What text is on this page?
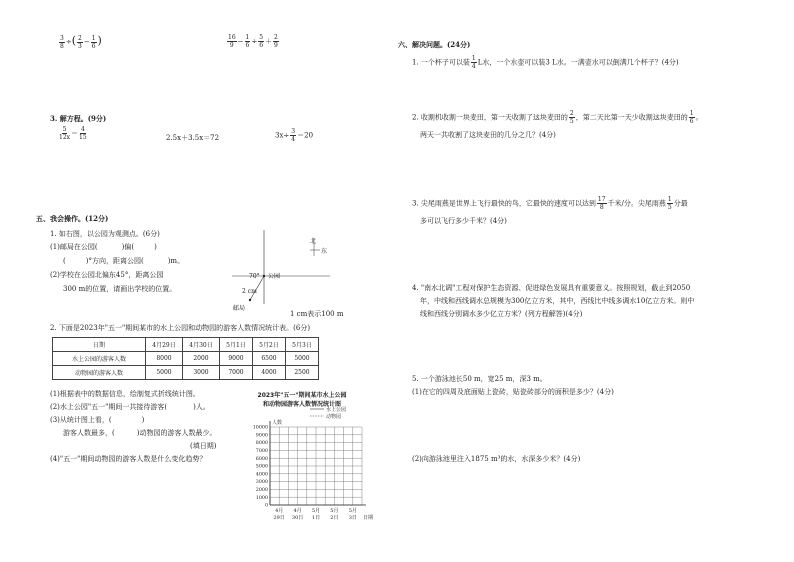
$\frac{3}{8}$ ÷( $\frac{2}{3} - \frac{1}{6}$ )	$\frac{16}{9} - \frac{1}{6} \div \frac{5}{6} + \frac{2}{9}$
3. 解方程。(9分)
$\frac{5}{12x} = \frac{4}{15}$	2.5x＋3.5x＝72	$3x\div \frac{3}{4} =20$
五、我会操作。(12分)
1. 如右图，以公园为观测点。(6分)
(1)邮局在公园(	)偏(	)
(	)°方向，距离公园(	)m。
(2)学校在公园北偏东45°，距离公园
300 m的位置，请画出学校的位置。
北
东
公园
70°
2 cm
邮局
1 cm表示100 m
2. 下面是2023年"五一"期间某市的水上公园和动物园的游客人数情况统计表。(6分)
日期	4月29日	4月30日	5月1日	5月2日	5月3日
水上公园的游客人数	8000	2000	9000	6500	5000
动物园的游客人数	5000	3000	7000	4000	2500
(1)根据表中的数据信息，绘制复式折线统计图。
(2)水上公园"五一"期间一共接待游客(	)人。
(3)从统计图上看，(	)
游客人数最多，(	)动物园的游客人数最少。
(填日期)
(4)"五一"期间动物园的游客人数是什么变化趋势？
2023年"五一"期间某市水上公园
和动物园游客人数情况统计图
水上公园
动物园
人数
10000
9000
8000
7000
6000
5000
4000
3000
2000
1000
0
4月
29日
4月
30日
5月
1日
5月
2日
5月
3日 日期
六、解决问题。(24分)
1. 一个杯子可以装 $\frac{1}{4}$ L水，一个水壶可以装3 L水。一满壶水可以倒满几个杯子？(4分)
2. 收割机收割一块麦田，第一天收割了这块麦田的 $\frac{2}{5}$ ，第二天比第一天少收割这块麦田的 $\frac{1}{6}$ 。
两天一共收割了这块麦田的几分之几？(4分)
3. 尖尾雨燕是世界上飞行最快的鸟，它最快的速度可以达到 $\frac{17}{8}$ 千米/分。尖尾雨燕 $\frac{1}{5}$ 分最
多可以飞行多少千米？(4分)
4. "南水北调"工程对保护生态资源、促进绿色发展具有重要意义。按照规划，截止到2050
年，中线和西线调水总规模为300亿立方米，其中，西线比中线多调水10亿立方米。则中
线和西线分别调水多少亿立方米？(列方程解答)(4分)
5. 一个游泳池长50 m，宽25 m，深3 m。
(1)在它的四周及底面贴上瓷砖，贴瓷砖部分的面积是多少？(4分)
(2)向游泳池里注入1875 m³的水，水深多少米？(4分)
